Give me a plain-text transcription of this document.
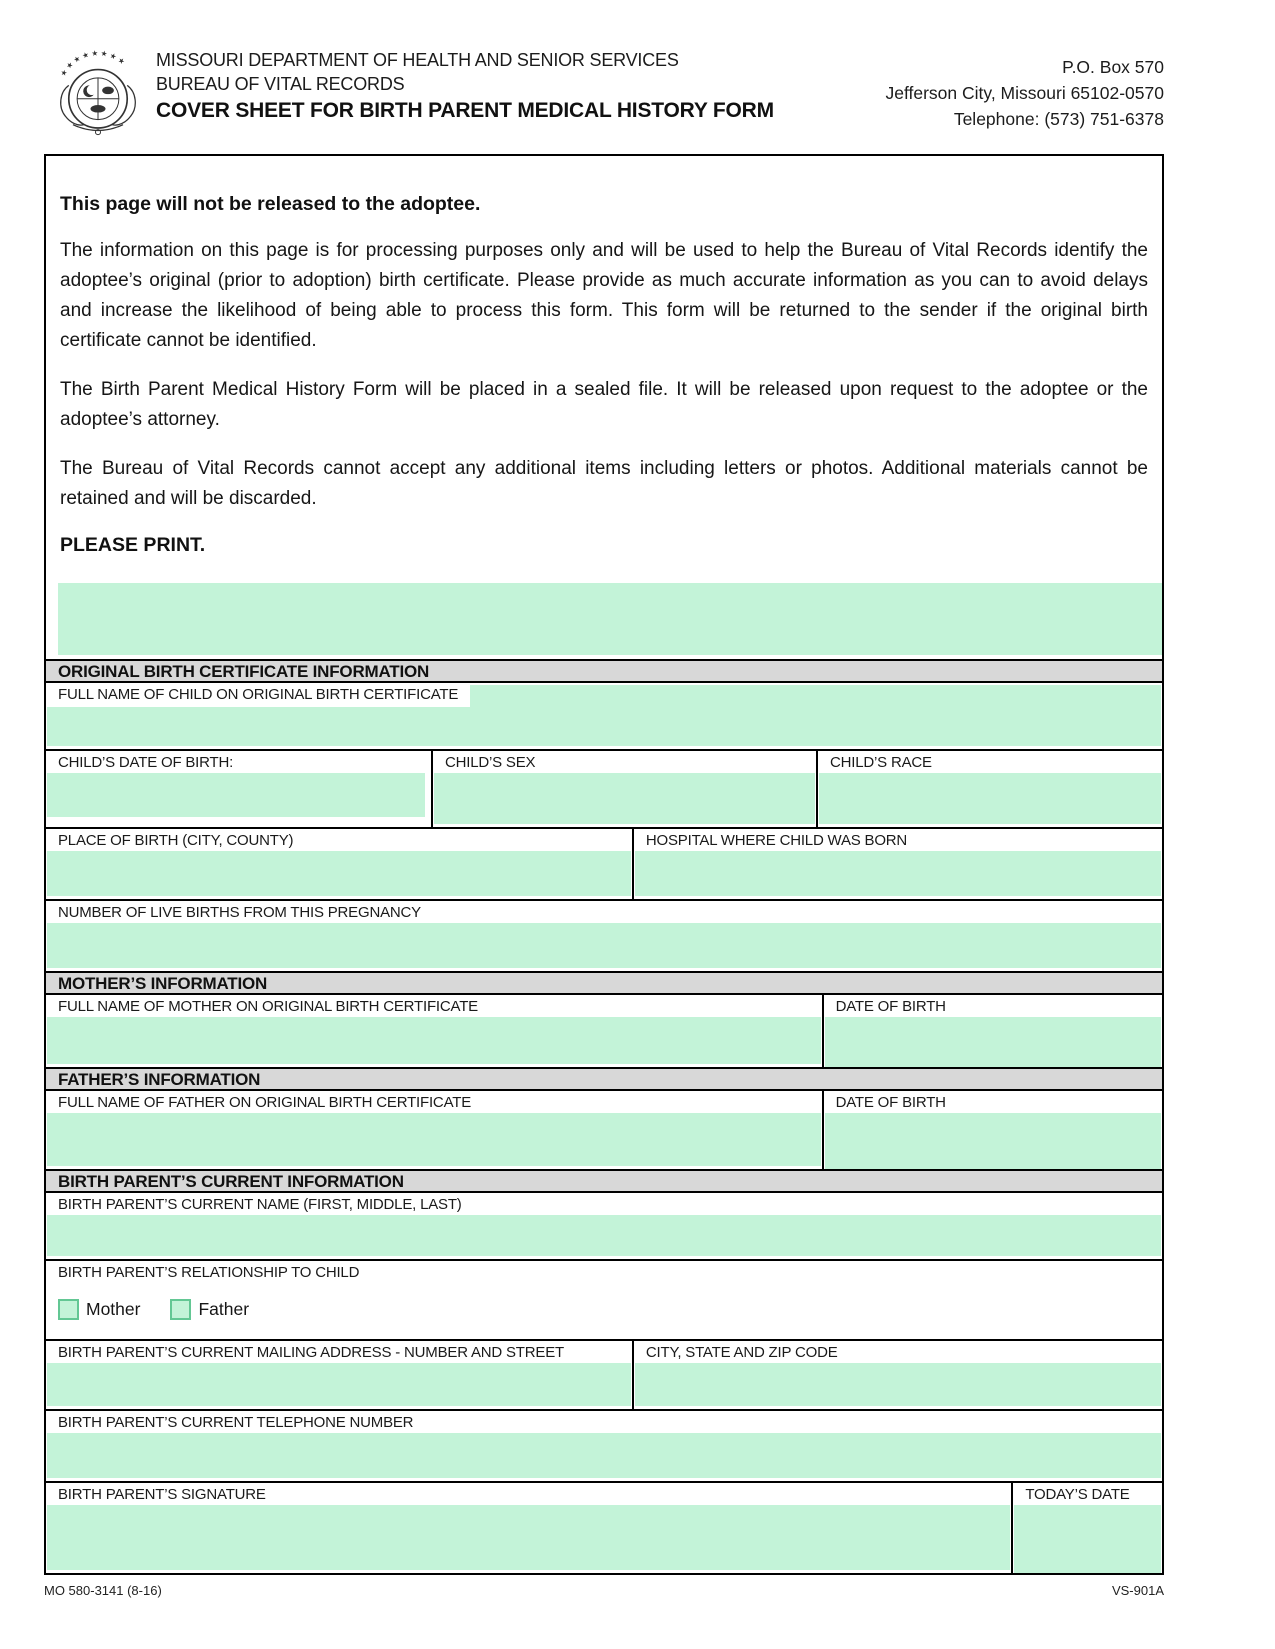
★ ★ ★ ★ ★ ★ ★ ★ MISSOURI DEPARTMENT OF HEALTH AND SENIOR SERVICES
BUREAU OF VITAL RECORDS
COVER SHEET FOR BIRTH PARENT MEDICAL HISTORY FORM
P.O. Box 570
Jefferson City, Missouri 65102-0570
Telephone: (573) 751-6378

This page will not be released to the adoptee.

The information on this page is for processing purposes only and will be used to help the Bureau of Vital Records identify the adoptee’s original (prior to adoption) birth certificate. Please provide as much accurate information as you can to avoid delays and increase the likelihood of being able to process this form. This form will be returned to the sender if the original birth certificate cannot be identified.

The Birth Parent Medical History Form will be placed in a sealed file. It will be released upon request to the adoptee or the adoptee’s attorney.

The Bureau of Vital Records cannot accept any additional items including letters or photos. Additional materials cannot be retained and will be discarded.

PLEASE PRINT.

ORIGINAL BIRTH CERTIFICATE INFORMATION
FULL NAME OF CHILD ON ORIGINAL BIRTH CERTIFICATE
CHILD’S DATE OF BIRTH:	CHILD’S SEX	CHILD’S RACE
PLACE OF BIRTH (CITY, COUNTY)	HOSPITAL WHERE CHILD WAS BORN
NUMBER OF LIVE BIRTHS FROM THIS PREGNANCY
MOTHER’S INFORMATION
FULL NAME OF MOTHER ON ORIGINAL BIRTH CERTIFICATE	DATE OF BIRTH
FATHER’S INFORMATION
FULL NAME OF FATHER ON ORIGINAL BIRTH CERTIFICATE	DATE OF BIRTH
BIRTH PARENT’S CURRENT INFORMATION
BIRTH PARENT’S CURRENT NAME (FIRST, MIDDLE, LAST)
BIRTH PARENT’S RELATIONSHIP TO CHILD
Mother	Father
BIRTH PARENT’S CURRENT MAILING ADDRESS - NUMBER AND STREET	CITY, STATE AND ZIP CODE
BIRTH PARENT’S CURRENT TELEPHONE NUMBER
BIRTH PARENT’S SIGNATURE	TODAY’S DATE
MO 580-3141 (8-16)	VS-901A
